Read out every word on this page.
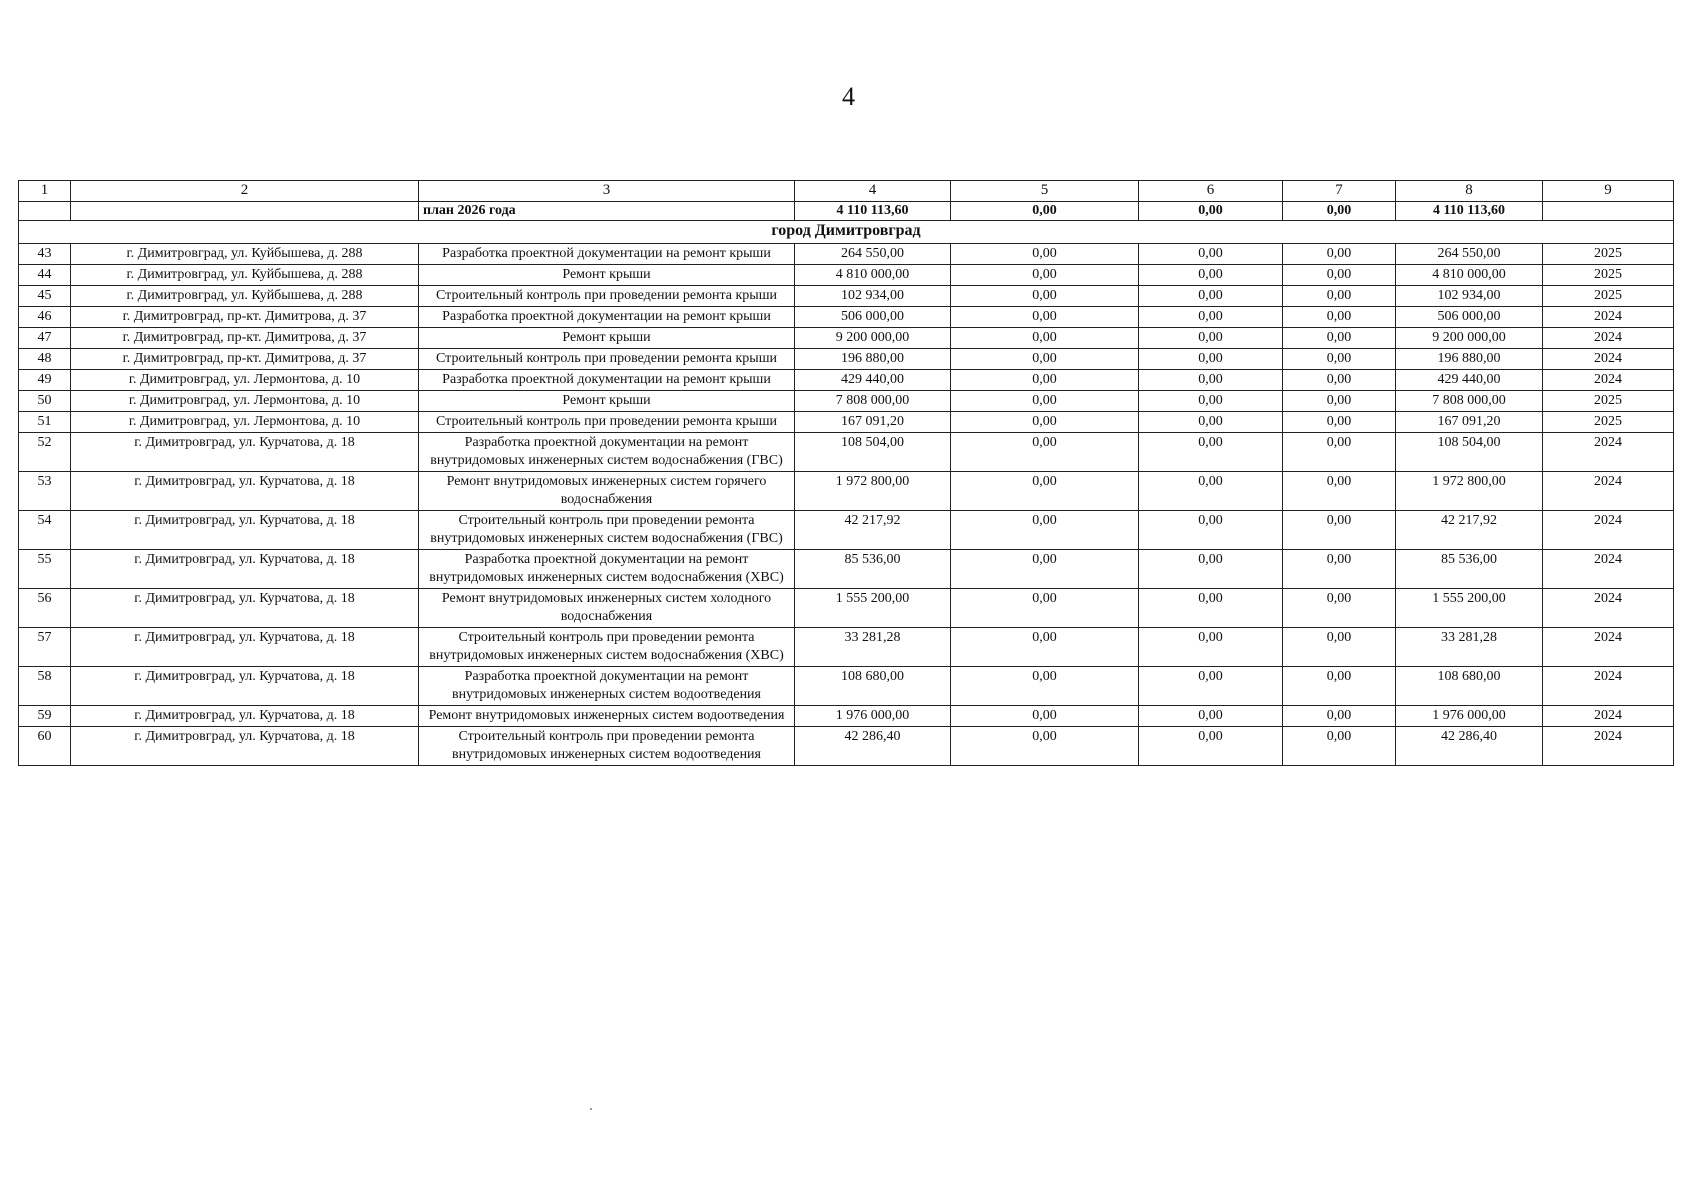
4
1	2	3	4	5	6	7	8	9
		план 2026 года	4 110 113,60	0,00	0,00	0,00	4 110 113,60	
город Димитровград								
43	г. Димитровград, ул. Куйбышева, д. 288	Разработка проектной документации на ремонт крыши	264 550,00	0,00	0,00	0,00	264 550,00	2025
44	г. Димитровград, ул. Куйбышева, д. 288	Ремонт крыши	4 810 000,00	0,00	0,00	0,00	4 810 000,00	2025
45	г. Димитровград, ул. Куйбышева, д. 288	Строительный контроль при проведении ремонта крыши	102 934,00	0,00	0,00	0,00	102 934,00	2025
46	г. Димитровград, пр-кт. Димитрова, д. 37	Разработка проектной документации на ремонт крыши	506 000,00	0,00	0,00	0,00	506 000,00	2024
47	г. Димитровград, пр-кт. Димитрова, д. 37	Ремонт крыши	9 200 000,00	0,00	0,00	0,00	9 200 000,00	2024
48	г. Димитровград, пр-кт. Димитрова, д. 37	Строительный контроль при проведении ремонта крыши	196 880,00	0,00	0,00	0,00	196 880,00	2024
49	г. Димитровград, ул. Лермонтова, д. 10	Разработка проектной документации на ремонт крыши	429 440,00	0,00	0,00	0,00	429 440,00	2024
50	г. Димитровград, ул. Лермонтова, д. 10	Ремонт крыши	7 808 000,00	0,00	0,00	0,00	7 808 000,00	2025
51	г. Димитровград, ул. Лермонтова, д. 10	Строительный контроль при проведении ремонта крыши	167 091,20	0,00	0,00	0,00	167 091,20	2025
52	г. Димитровград, ул. Курчатова, д. 18	Разработка проектной документации на ремонт внутридомовых инженерных систем водоснабжения (ГВС)	108 504,00	0,00	0,00	0,00	108 504,00	2024
53	г. Димитровград, ул. Курчатова, д. 18	Ремонт внутридомовых инженерных систем горячего водоснабжения	1 972 800,00	0,00	0,00	0,00	1 972 800,00	2024
54	г. Димитровград, ул. Курчатова, д. 18	Строительный контроль при проведении ремонта внутридомовых инженерных систем водоснабжения (ГВС)	42 217,92	0,00	0,00	0,00	42 217,92	2024
55	г. Димитровград, ул. Курчатова, д. 18	Разработка проектной документации на ремонт внутридомовых инженерных систем водоснабжения (ХВС)	85 536,00	0,00	0,00	0,00	85 536,00	2024
56	г. Димитровград, ул. Курчатова, д. 18	Ремонт внутридомовых инженерных систем холодного водоснабжения	1 555 200,00	0,00	0,00	0,00	1 555 200,00	2024
57	г. Димитровград, ул. Курчатова, д. 18	Строительный контроль при проведении ремонта внутридомовых инженерных систем водоснабжения (ХВС)	33 281,28	0,00	0,00	0,00	33 281,28	2024
58	г. Димитровград, ул. Курчатова, д. 18	Разработка проектной документации на ремонт внутридомовых инженерных систем водоотведения	108 680,00	0,00	0,00	0,00	108 680,00	2024
59	г. Димитровград, ул. Курчатова, д. 18	Ремонт внутридомовых инженерных систем водоотведения	1 976 000,00	0,00	0,00	0,00	1 976 000,00	2024
60	г. Димитровград, ул. Курчатова, д. 18	Строительный контроль при проведении ремонта внутридомовых инженерных систем водоотведения	42 286,40	0,00	0,00	0,00	42 286,40	2024
